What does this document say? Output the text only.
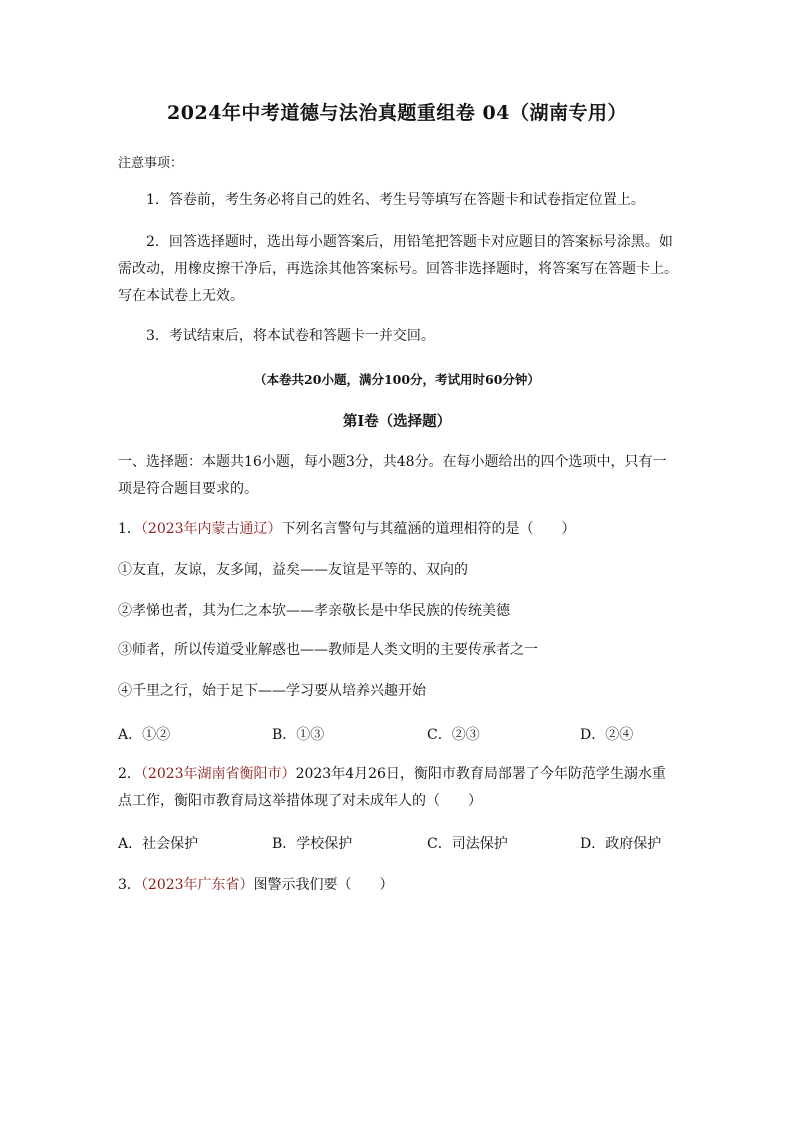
2024年中考道德与法治真题重组卷 04（湖南专用）
注意事项：
1．答卷前，考生务必将自己的姓名、考生号等填写在答题卡和试卷指定位置上。
2．回答选择题时，选出每小题答案后，用铅笔把答题卡对应题目的答案标号涂黑。如需改动，用橡皮擦干净后，再选涂其他答案标号。回答非选择题时，将答案写在答题卡上。写在本试卷上无效。
3．考试结束后，将本试卷和答题卡一并交回。
（本卷共20小题，满分100分，考试用时60分钟）
第Ⅰ卷（选择题）
一、选择题：本题共16小题，每小题3分，共48分。在每小题给出的四个选项中，只有一项是符合题目要求的。
1．（2023年内蒙古通辽）下列名言警句与其蕴涵的道理相符的是（　　）
①友直，友谅，友多闻，益矣——友谊是平等的、双向的
②孝悌也者，其为仁之本欤——孝亲敬长是中华民族的传统美德
③师者，所以传道受业解惑也——教师是人类文明的主要传承者之一
④千里之行，始于足下——学习要从培养兴趣开始
A．①②	B．①③	C．②③	D．②④
2．（2023年湖南省衡阳市）2023年4月26日，衡阳市教育局部署了今年防范学生溺水重点工作，衡阳市教育局这举措体现了对未成年人的（　　）
A．社会保护	B．学校保护	C．司法保护	D．政府保护
3．（2023年广东省）图警示我们要（　　）
